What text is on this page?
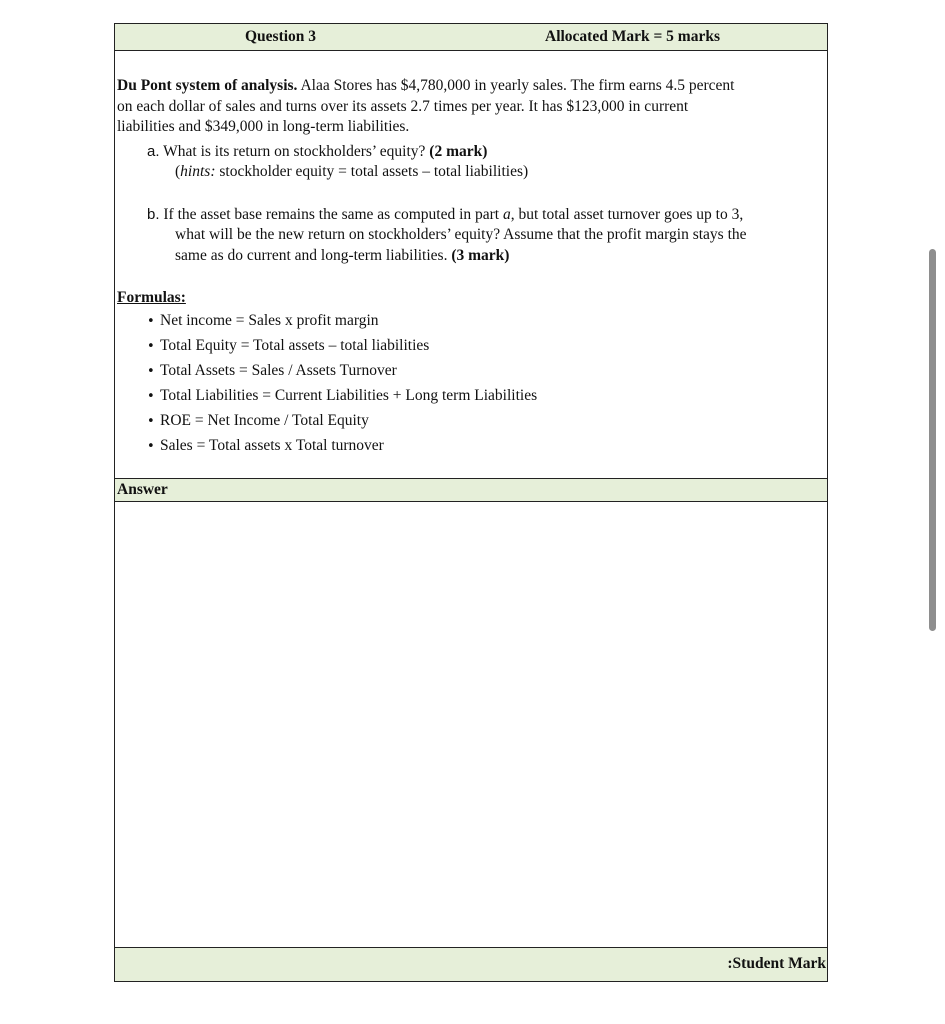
Question 3	Allocated Mark = 5 marks
Du Pont system of analysis. Alaa Stores has $4,780,000 in yearly sales. The firm earns 4.5 percent
on each dollar of sales and turns over its assets 2.7 times per year. It has $123,000 in current
liabilities and $349,000 in long-term liabilities.
a. What is its return on stockholders’ equity? (2 mark)
(hints: stockholder equity = total assets – total liabilities)
b. If the asset base remains the same as computed in part a, but total asset turnover goes up to 3,
what will be the new return on stockholders’ equity? Assume that the profit margin stays the
same as do current and long-term liabilities. (3 mark)
Formulas:
• Net income = Sales x profit margin
• Total Equity = Total assets – total liabilities
• Total Assets = Sales / Assets Turnover
• Total Liabilities = Current Liabilities + Long term Liabilities
• ROE = Net Income / Total Equity
• Sales = Total assets x Total turnover
Answer
:Student Mark
